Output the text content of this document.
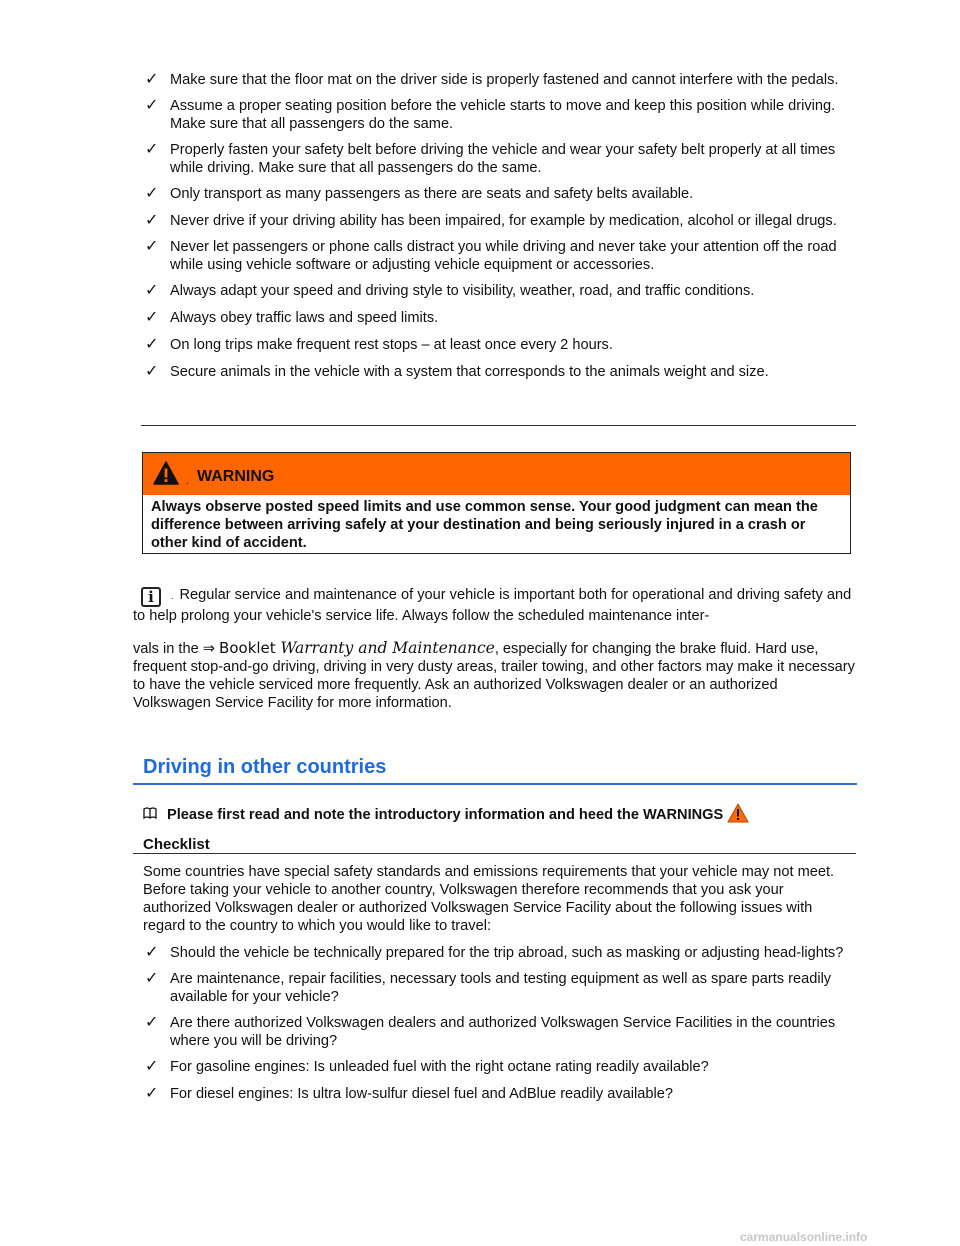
✓ Make sure that the floor mat on the driver side is properly fastened and cannot interfere with the pedals.
✓ Assume a proper seating position before the vehicle starts to move and keep this position while driving. Make sure that all passengers do the same.
✓ Properly fasten your safety belt before driving the vehicle and wear your safety belt properly at all times while driving. Make sure that all passengers do the same.
✓ Only transport as many passengers as there are seats and safety belts available.
✓ Never drive if your driving ability has been impaired, for example by medication, alcohol or illegal drugs.
✓ Never let passengers or phone calls distract you while driving and never take your attention off the road while using vehicle software or adjusting vehicle equipment or accessories.
✓ Always adapt your speed and driving style to visibility, weather, road, and traffic conditions.
✓ Always obey traffic laws and speed limits.
✓ On long trips make frequent rest stops – at least once every 2 hours.
✓ Secure animals in the vehicle with a system that corresponds to the animals weight and size.
. WARNING
Always observe posted speed limits and use common sense. Your good judgment can mean the difference between arriving safely at your destination and being seriously injured in a crash or other kind of accident.

i . Regular service and maintenance of your vehicle is important both for operational and driving safety and to help prolong your vehicle's service life. Always follow the scheduled maintenance inter-

vals in the ⇒ Booklet Warranty and Maintenance, especially for changing the brake fluid. Hard use, frequent stop-and-go driving, driving in very dusty areas, trailer towing, and other factors may make it necessary to have the vehicle serviced more frequently. Ask an authorized Volkswagen dealer or an authorized Volkswagen Service Facility for more information.

Driving in other countries
Please first read and note the introductory information and heed the WARNINGS
Checklist

Some countries have special safety standards and emissions requirements that your vehicle may not meet. Before taking your vehicle to another country, Volkswagen therefore recommends that you ask your authorized Volkswagen dealer or authorized Volkswagen Service Facility about the following issues with regard to the country to which you would like to travel:

✓ Should the vehicle be technically prepared for the trip abroad, such as masking or adjusting head-lights?
✓ Are maintenance, repair facilities, necessary tools and testing equipment as well as spare parts readily available for your vehicle?
✓ Are there authorized Volkswagen dealers and authorized Volkswagen Service Facilities in the countries where you will be driving?
✓ For gasoline engines: Is unleaded fuel with the right octane rating readily available?
✓ For diesel engines: Is ultra low-sulfur diesel fuel and AdBlue readily available?
carmanualsonline.info
